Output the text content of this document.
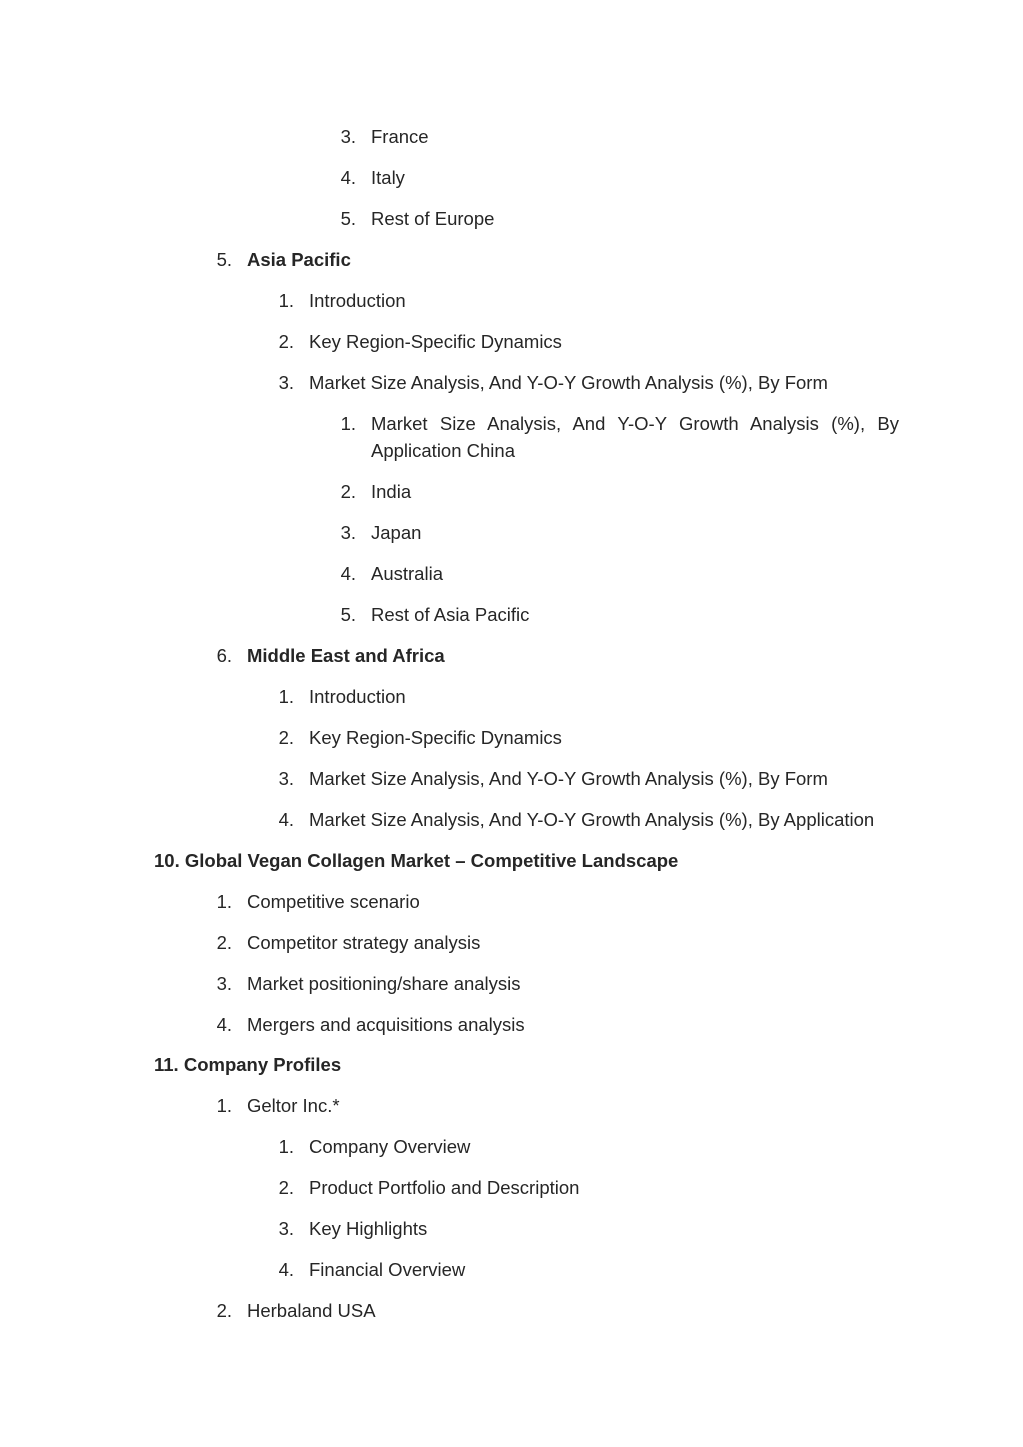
3. France
4. Italy
5. Rest of Europe
5. Asia Pacific
1. Introduction
2. Key Region-Specific Dynamics
3. Market Size Analysis, And Y-O-Y Growth Analysis (%), By Form
1. Market Size Analysis, And Y-O-Y Growth Analysis (%), By Application China
2. India
3. Japan
4. Australia
5. Rest of Asia Pacific
6. Middle East and Africa
1. Introduction
2. Key Region-Specific Dynamics
3. Market Size Analysis, And Y-O-Y Growth Analysis (%), By Form
4. Market Size Analysis, And Y-O-Y Growth Analysis (%), By Application
10. Global Vegan Collagen Market – Competitive Landscape
1. Competitive scenario
2. Competitor strategy analysis
3. Market positioning/share analysis
4. Mergers and acquisitions analysis
11. Company Profiles
1. Geltor Inc.*
1. Company Overview
2. Product Portfolio and Description
3. Key Highlights
4. Financial Overview
2. Herbaland USA
